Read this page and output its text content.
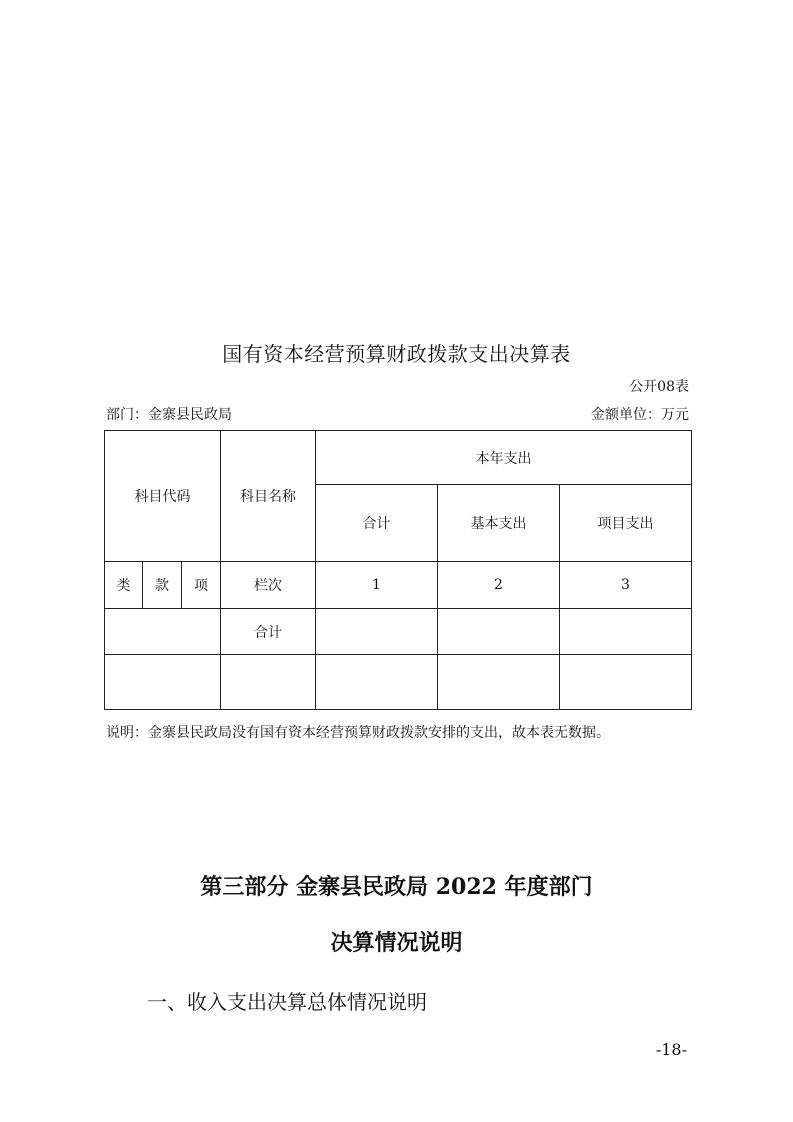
国有资本经营预算财政拨款支出决算表
公开08表
部门：金寨县民政局	金额单位：万元
科目代码			科目名称	本年支出		
				合计	基本支出	项目支出
类	款	项	栏次	1	2	3
			合计			

说明：金寨县民政局没有国有资本经营预算财政拨款安排的支出，故本表无数据。
第三部分 金寨县民政局 2022 年度部门
决算情况说明
一、收入支出决算总体情况说明
-18-
